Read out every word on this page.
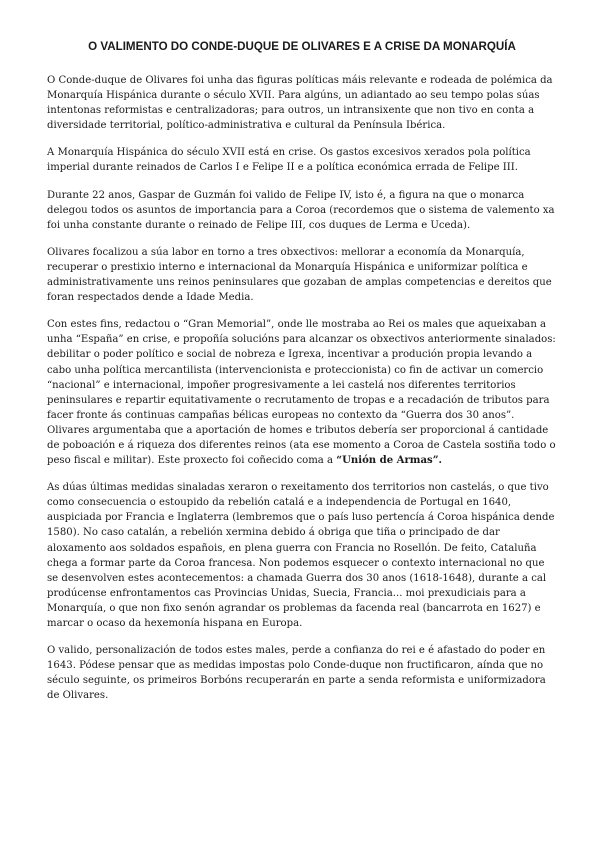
O VALIMENTO DO CONDE-DUQUE DE OLIVARES E A CRISE DA MONARQUÍA

O Conde-duque de Olivares foi unha das figuras políticas máis relevante e rodeada de polémica da Monarquía Hispánica durante o século XVII. Para algúns, un adiantado ao seu tempo polas súas intentonas reformistas e centralizadoras; para outros, un intransixente que non tivo en conta a diversidade territorial, político-administrativa e cultural da Península Ibérica.

A Monarquía Hispánica do século XVII está en crise. Os gastos excesivos xerados pola política imperial durante reinados de Carlos I e Felipe II e a política económica errada de Felipe III.

Durante 22 anos, Gaspar de Guzmán foi valido de Felipe IV, isto é, a figura na que o monarca delegou todos os asuntos de importancia para a Coroa (recordemos que o sistema de valemento xa foi unha constante durante o reinado de Felipe III, cos duques de Lerma e Uceda).

Olivares focalizou a súa labor en torno a tres obxectivos: mellorar a economía da Monarquía, recuperar o prestixio interno e internacional da Monarquía Hispánica e uniformizar política e administrativamente uns reinos peninsulares que gozaban de amplas competencias e dereitos que foran respectados dende a Idade Media.

Con estes fins, redactou o “Gran Memorial”, onde lle mostraba ao Rei os males que aqueixaban a unha “España” en crise, e propoñía solucións para alcanzar os obxectivos anteriormente sinalados: debilitar o poder político e social de nobreza e Igrexa, incentivar a produción propia levando a cabo unha política mercantilista (intervencionista e proteccionista) co fin de activar un comercio “nacional” e internacional, impoñer progresivamente a lei castelá nos diferentes territorios peninsulares e repartir equitativamente o recrutamento de tropas e a recadación de tributos para facer fronte ás continuas campañas bélicas europeas no contexto da “Guerra dos 30 anos”. Olivares argumentaba que a aportación de homes e tributos debería ser proporcional á cantidade de poboación e á riqueza dos diferentes reinos (ata ese momento a Coroa de Castela sostiña todo o peso fiscal e militar). Este proxecto foi coñecido coma a “Unión de Armas”.

As dúas últimas medidas sinaladas xeraron o rexeitamento dos territorios non castelás, o que tivo como consecuencia o estoupido da rebelión catalá e a independencia de Portugal en 1640, auspiciada por Francia e Inglaterra (lembremos que o país luso pertencía á Coroa hispánica dende 1580). No caso catalán, a rebelión xermina debido á obriga que tiña o principado de dar aloxamento aos soldados españois, en plena guerra con Francia no Rosellón. De feito, Cataluña chega a formar parte da Coroa francesa. Non podemos esquecer o contexto internacional no que se desenvolven estes acontecementos: a chamada Guerra dos 30 anos (1618-1648), durante a cal prodúcense enfrontamentos cas Provincias Unidas, Suecia, Francia... moi prexudiciais para a Monarquía, o que non fixo senón agrandar os problemas da facenda real (bancarrota en 1627) e marcar o ocaso da hexemonía hispana en Europa.

O valido, personalización de todos estes males, perde a confianza do rei e é afastado do poder en 1643. Pódese pensar que as medidas impostas polo Conde-duque non fructificaron, aínda que no século seguinte, os primeiros Borbóns recuperarán en parte a senda reformista e uniformizadora de Olivares.
